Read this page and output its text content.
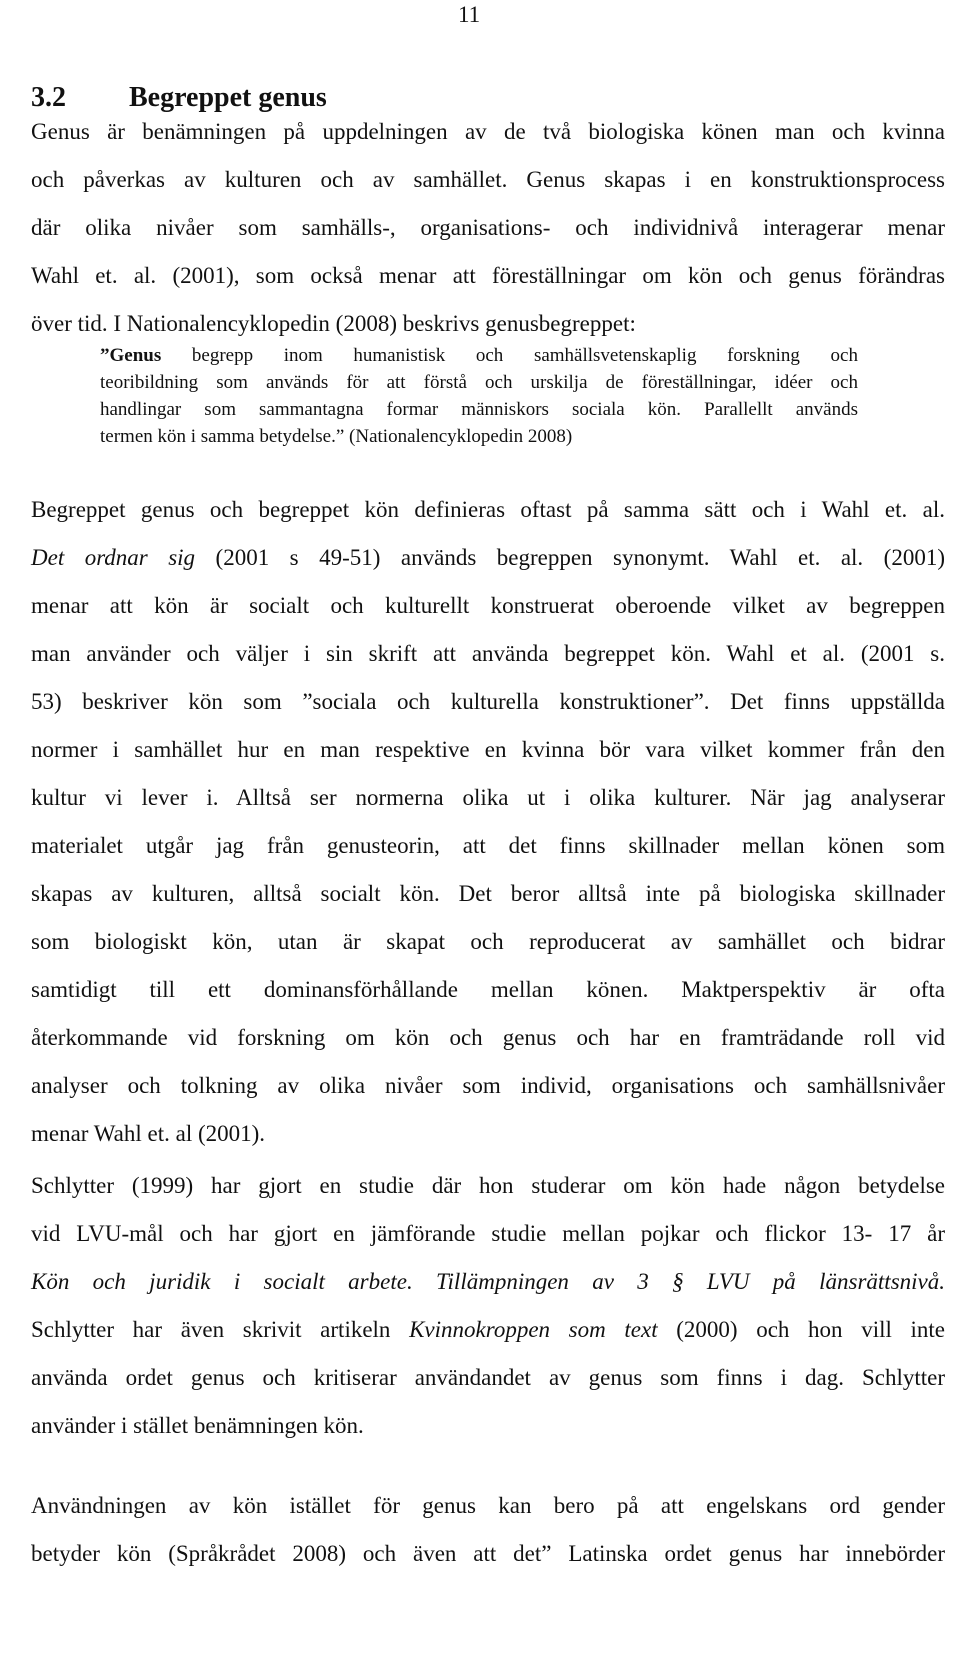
11
3.2 Begreppet genus
Genus är benämningen på uppdelningen av de två biologiska könen man och kvinna
och påverkas av kulturen och av samhället. Genus skapas i en konstruktionsprocess
där olika nivåer som samhälls-, organisations- och individnivå interagerar menar
Wahl et. al. (2001), som också menar att föreställningar om kön och genus förändras
över tid. I Nationalencyklopedin (2008) beskrivs genusbegreppet:
”Genus begrepp inom humanistisk och samhällsvetenskaplig forskning och
teoribildning som används för att förstå och urskilja de föreställningar, idéer och
handlingar som sammantagna formar människors sociala kön. Parallellt används
termen kön i samma betydelse.” (Nationalencyklopedin 2008)
Begreppet genus och begreppet kön definieras oftast på samma sätt och i Wahl et. al.
Det ordnar sig (2001 s 49-51) används begreppen synonymt. Wahl et. al. (2001)
menar att kön är socialt och kulturellt konstruerat oberoende vilket av begreppen
man använder och väljer i sin skrift att använda begreppet kön. Wahl et al. (2001 s.
53) beskriver kön som ”sociala och kulturella konstruktioner”. Det finns uppställda
normer i samhället hur en man respektive en kvinna bör vara vilket kommer från den
kultur vi lever i. Alltså ser normerna olika ut i olika kulturer. När jag analyserar
materialet utgår jag från genusteorin, att det finns skillnader mellan könen som
skapas av kulturen, alltså socialt kön. Det beror alltså inte på biologiska skillnader
som biologiskt kön, utan är skapat och reproducerat av samhället och bidrar
samtidigt till ett dominansförhållande mellan könen. Maktperspektiv är ofta
återkommande vid forskning om kön och genus och har en framträdande roll vid
analyser och tolkning av olika nivåer som individ, organisations och samhällsnivåer
menar Wahl et. al (2001).
Schlytter (1999) har gjort en studie där hon studerar om kön hade någon betydelse
vid LVU-mål och har gjort en jämförande studie mellan pojkar och flickor 13- 17 år
Kön och juridik i socialt arbete. Tillämpningen av 3 § LVU på länsrättsnivå.
Schlytter har även skrivit artikeln Kvinnokroppen som text (2000) och hon vill inte
använda ordet genus och kritiserar användandet av genus som finns i dag. Schlytter
använder i stället benämningen kön.
Användningen av kön istället för genus kan bero på att engelskans ord gender
betyder kön (Språkrådet 2008) och även att det” Latinska ordet genus har innebörder
